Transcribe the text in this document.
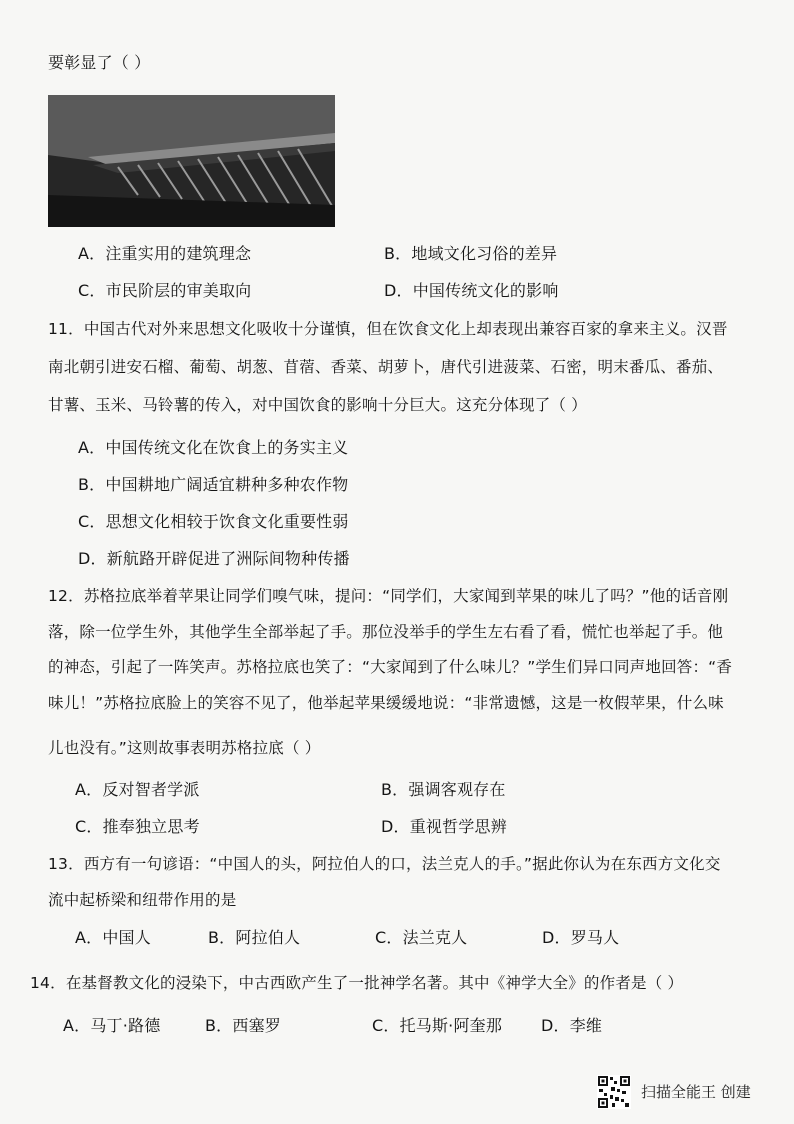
要彰显了（ ）
A．注重实用的建筑理念	B．地域文化习俗的差异
C．市民阶层的审美取向	D．中国传统文化的影响
11．中国古代对外来思想文化吸收十分谨慎，但在饮食文化上却表现出兼容百家的拿来主义。汉晋
南北朝引进安石榴、葡萄、胡葱、苜蓿、香菜、胡萝卜，唐代引进菠菜、石密，明末番瓜、番茄、
甘薯、玉米、马铃薯的传入，对中国饮食的影响十分巨大。这充分体现了（ ）
A．中国传统文化在饮食上的务实主义
B．中国耕地广阔适宜耕种多种农作物
C．思想文化相较于饮食文化重要性弱
D．新航路开辟促进了洲际间物种传播
12．苏格拉底举着苹果让同学们嗅气味，提问：“同学们，大家闻到苹果的味儿了吗？”他的话音刚
落，除一位学生外，其他学生全部举起了手。那位没举手的学生左右看了看，慌忙也举起了手。他
的神态，引起了一阵笑声。苏格拉底也笑了：“大家闻到了什么味儿？”学生们异口同声地回答：“香
味儿！”苏格拉底脸上的笑容不见了，他举起苹果缓缓地说：“非常遗憾，这是一枚假苹果，什么味
儿也没有。”这则故事表明苏格拉底（ ）
A．反对智者学派	B．强调客观存在
C．推奉独立思考	D．重视哲学思辨
13．西方有一句谚语：“中国人的头，阿拉伯人的口，法兰克人的手。”据此你认为在东西方文化交
流中起桥梁和纽带作用的是
A．中国人	B．阿拉伯人	C．法兰克人	D．罗马人
14．在基督教文化的浸染下，中古西欧产生了一批神学名著。其中《神学大全》的作者是（ ）
A．马丁·路德	B．西塞罗	C．托马斯·阿奎那 D．李维
扫描全能王 创建
